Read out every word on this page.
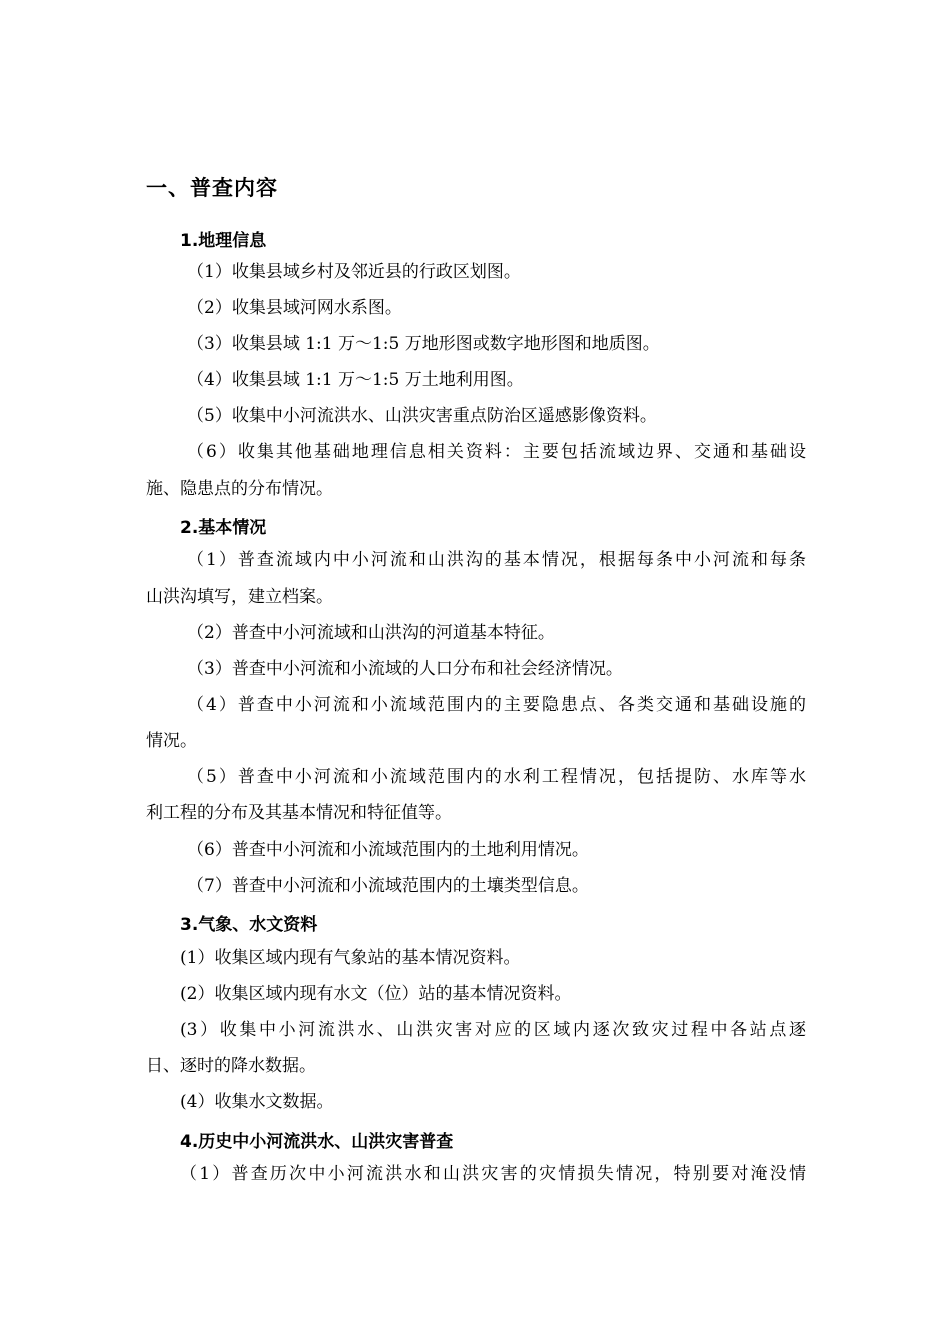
一、普查内容
1.地理信息
（1）收集县域乡村及邻近县的行政区划图。
（2）收集县域河网水系图。
（3）收集县域 1:1 万～1:5 万地形图或数字地形图和地质图。
（4）收集县域 1:1 万～1:5 万土地利用图。
（5）收集中小河流洪水、山洪灾害重点防治区遥感影像资料。
（6）收集其他基础地理信息相关资料：主要包括流域边界、交通和基础设
施、隐患点的分布情况。
2.基本情况
（1）普查流域内中小河流和山洪沟的基本情况，根据每条中小河流和每条
山洪沟填写，建立档案。
（2）普查中小河流域和山洪沟的河道基本特征。
（3）普查中小河流和小流域的人口分布和社会经济情况。
（4）普查中小河流和小流域范围内的主要隐患点、各类交通和基础设施的
情况。
（5）普查中小河流和小流域范围内的水利工程情况，包括提防、水库等水
利工程的分布及其基本情况和特征值等。
（6）普查中小河流和小流域范围内的土地利用情况。
（7）普查中小河流和小流域范围内的土壤类型信息。
3.气象、水文资料
(1）收集区域内现有气象站的基本情况资料。
(2）收集区域内现有水文（位）站的基本情况资料。
(3）收集中小河流洪水、山洪灾害对应的区域内逐次致灾过程中各站点逐
日、逐时的降水数据。
(4）收集水文数据。
4.历史中小河流洪水、山洪灾害普查
（1）普查历次中小河流洪水和山洪灾害的灾情损失情况，特别要对淹没情
